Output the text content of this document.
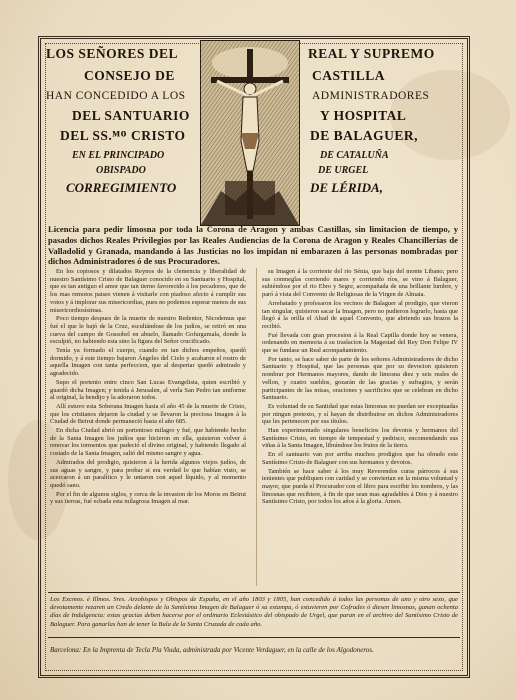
LOS SEÑORES DEL
CONSEJO DE
HAN CONCEDIDO A LOS
DEL SANTUARIO
DEL SS.ᴹᴼ CRISTO
EN EL PRINCIPADO
OBISPADO
CORREGIMIENTO
REAL Y SUPREMO
CASTILLA
ADMINISTRADORES
Y HOSPITAL
DE BALAGUER,
DE CATALUÑA
DE URGEL
DE LÉRIDA,
Licencia para pedir limosna por toda la Corona de Aragon y ambas Castillas, sin limitacion de tiempo, y pasados dichos Reales Privilegios por las Reales Audiencias de la Corona de Aragon y Reales Chancillerías de Valladolid y Granada, mandando á las Justicias no los impidan ni embarazen á las personas nombradas por dichos Administradores ó de sus Procuradores.

En los copiosos y dilatados Reynos de la clemencia y liberalidad de nuestro Santísimo Cristo de Balaguer conocido en su Santuario y Hospital, que es tan antiguo el amor que tan tierno favorecido á los pecadores, que de los mas remotos paises vienen á visitarle con piadoso afecto á cumplir sus votos y á implorar sus misericordias, pues no podemos esperar menos de sus misericordiosísimas.

Poco tiempo despues de la muerte de nuestro Redentor, Nicodemus que fué el que le bajó de la Cruz, escultándose de los judíos, se retiró en una cueva del campo de Gossobel en abuelo, llamado Gofurgamala, donde la esculpió, no habiendo esta sino la figura del Señor crucificado.

Tenía ya formado el cuerpo, cuando en tan dichos empeños, quedó dormido, y á este tiempo bajaron Ángeles del Cielo y acabaron el rostro de aquella Imagen con tanta perfeccion, que al despertar quedó admirado y agradecido.

Supo el portento entre cinco San Lucas Evangelista, quien escribió y guardó dicha Imagen; y tenida á Jerusalen, al verla San Pedro tan uniforme al original, la bendijo y la adoraron todos.

Allí estuvo esta Soberana Imagen hasta el año 45 de la muerte de Cristo, que los cristianos dejaron la ciudad y se llevaron la preciosa Imagen á la Ciudad de Beirut donde permaneció hasta el año 685.

En dicha Ciudad abrió un portentoso milagro y fué, que habiendo hecho de la Santa Imagen los judíos que hicieron en ella, quisieron volver á renovar los tormentos que padeció el divino original, y habiendo llegado al costado de la Santa Imagen, salió del mismo sangre y agua.

Admirados del prodigio, quisieron á la herida algunos viejos judíos, de sus aguas y sangre, y para probar si era verdad lo que habían visto, se acercaron á un paralítico y le untaron con aquel líquido, y al momento quedó sano.

Por el fin de algunos siglos, y cerca de la invasion de los Moros en Beirut y sus tierras, fué echada esta milagrosa Imagen al mar.

su Imagen á la corriente del rio Sénia, que baja del monte Libano; pero sus conmeglas corriendo mares y corriendo ríos, se vino á Balaguer, subiéndose por el rio Ebro y Segre, acompañada de una brillante lumbre, y paró á vista del Convento de Religiosas de la Virgen de Almata.

Arrebatado y profesaron los vecinos de Balaguer al prodigio, que vieron tan singular, quisieron sacar la Imagen, pero no pudieron lograrlo, hasta que llegó á la orilla el Abad de aquel Convento, que abriendo sus brazos la recibió.

Fué llevada con gran procesion á la Real Capilla donde hoy se venera, ordenando en memoria á su traslacion la Magestad del Rey Don Felipe IV que se fundase un Real acompañamiento.

Por tanto, se hace saber de parte de los señores Administradores de dicho Santuario y Hospital, que las personas que por su devocion quisieren nombrar por Hermanos mayores, dando de limosna diez y seis reales de vellon, y cuatro sueldos, gozarán de las gracias y sufragios, y serán participantes de las misas, oraciones y sacrificios que se celebran en dicho Santuario.

Es voluntad de su Santidad que estas limosnas no puedan ser exceptuadas por ningun pretexto, y sí hayan de distribuirse en dichos Administradores que les pertenecen por sus títulos.

Han experimentado singulares beneficios los devotos y hermanos del Santísimo Cristo, en tiempo de tempestad y pedrisco, encomendando sus viñas á la Santa Imagen, librándose los frutos de la tierra.

En el santuario van por arriba muchos prodigios que ha obrado este Santísimo Cristo de Balaguer con sus hermanos y devotos.

También se hace saber á los muy Reverendos curas párrocos á sus tenientes que publiquen con caridad y se conviertan en la misma voluntad y mayor, que pueda el Procurador con el libro para escribir los nombres, y las limosnas que recibiere, á fin de que sean mas agradables á Dios y á nuestro Santísimo Cristo, por todos los años á la gloria. Amen.

Los Excmos. é Illmos. Sres. Arzobispos y Obispos de España, en el año 1803 y 1805, han concedido á todos las personas de uno y otro sexo, que devotamente rezaren un Credo delante de la Santísima Imagen de Balaguer ó su estampa, ó estuvieren por Cofrades ó diesen limosnas, ganan ochenta días de Indulgencia: estas gracias deben hacerse por el ordinario Eclesiástico del obispado de Urgel, que paran en el archivo del Santísimo Cristo de Balaguer. Para ganarlas han de tener la Bula de la Santa Cruzada de cada año.
Barcelona: En la Imprenta de Tecla Pla Viuda, administrada por Vicente Verdaguer, en la calle de los Algodoneros.
